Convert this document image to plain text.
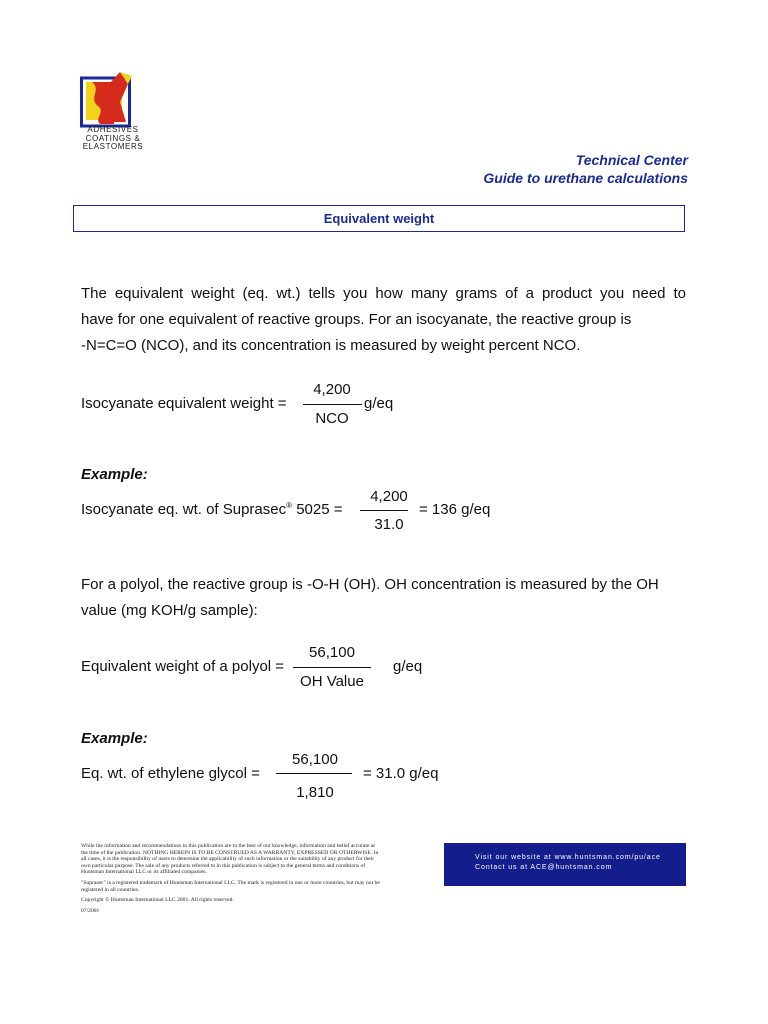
ADHESIVES
COATINGS &
ELASTOMERS
Technical Center
Guide to urethane calculations
Equivalent weight
The equivalent weight (eq. wt.) tells you how many grams of a product you need to
have for one equivalent of reactive groups. For an isocyanate, the reactive group is
-N=C=O (NCO), and its concentration is measured by weight percent NCO.
Isocyanate equivalent weight =
4,200
NCO
g/eq
Example:
Isocyanate eq. wt. of Suprasec® 5025 =
4,200
31.0
= 136 g/eq
For a polyol, the reactive group is -O-H (OH). OH concentration is measured by the OH
value (mg KOH/g sample):
Equivalent weight of a polyol =
56,100
OH Value
g/eq
Example:
Eq. wt. of ethylene glycol =
56,100
1,810
= 31.0 g/eq

While the information and recommendations in this publication are to the best of our knowledge, information and belief accurate at the time of the publication. NOTHING HEREIN IS TO BE CONSTRUED AS A WARRANTY, EXPRESSED OR OTHERWISE. In all cases, it is the responsibility of users to determine the applicability of such information or the suitability of any product for their own particular purpose. The sale of any products referred to in this publication is subject to the general terms and conditions of Huntsman International LLC or its affiliated companies.

"Suprasec" is a registered trademark of Huntsman International LLC. The mark is registered in one or more countries, but may not be registered in all countries.

Copyright © Huntsman International LLC 2001. All rights reserved.

07/2001

Visit our website at www.huntsman.com/pu/ace
Contact us at ACE@huntsman.com
